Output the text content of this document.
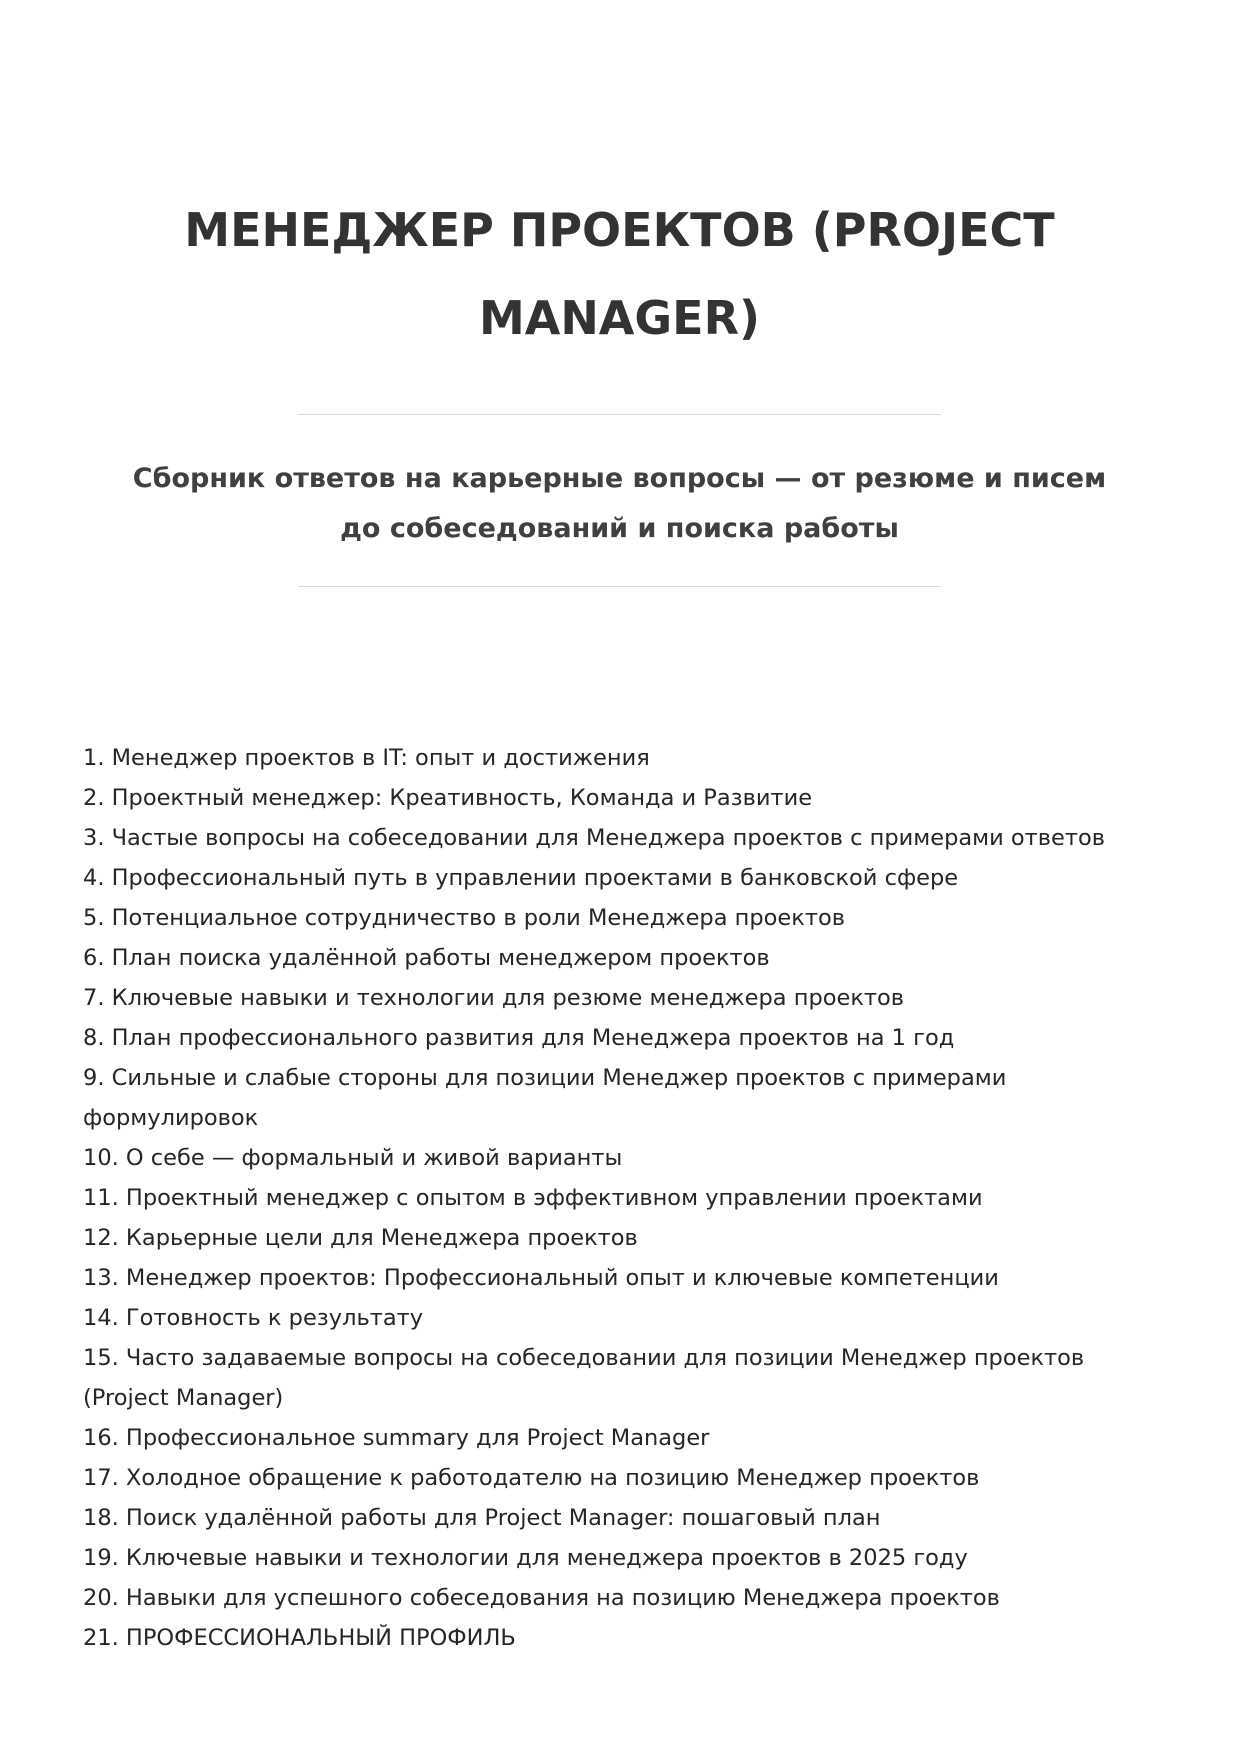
МЕНЕДЖЕР ПРОЕКТОВ (PROJECT MANAGER)

Сборник ответов на карьерные вопросы — от резюме и писем до собеседований и поиска работы

1. Менеджер проектов в IT: опыт и достижения
2. Проектный менеджер: Креативность, Команда и Развитие
3. Частые вопросы на собеседовании для Менеджера проектов с примерами ответов
4. Профессиональный путь в управлении проектами в банковской сфере
5. Потенциальное сотрудничество в роли Менеджера проектов
6. План поиска удалённой работы менеджером проектов
7. Ключевые навыки и технологии для резюме менеджера проектов
8. План профессионального развития для Менеджера проектов на 1 год
9. Сильные и слабые стороны для позиции Менеджер проектов с примерами формулировок
10. О себе — формальный и живой варианты
11. Проектный менеджер с опытом в эффективном управлении проектами
12. Карьерные цели для Менеджера проектов
13. Менеджер проектов: Профессиональный опыт и ключевые компетенции
14. Готовность к результату
15. Часто задаваемые вопросы на собеседовании для позиции Менеджер проектов (Project Manager)
16. Профессиональное summary для Project Manager
17. Холодное обращение к работодателю на позицию Менеджер проектов
18. Поиск удалённой работы для Project Manager: пошаговый план
19. Ключевые навыки и технологии для менеджера проектов в 2025 году
20. Навыки для успешного собеседования на позицию Менеджера проектов
21. ПРОФЕССИОНАЛЬНЫЙ ПРОФИЛЬ
